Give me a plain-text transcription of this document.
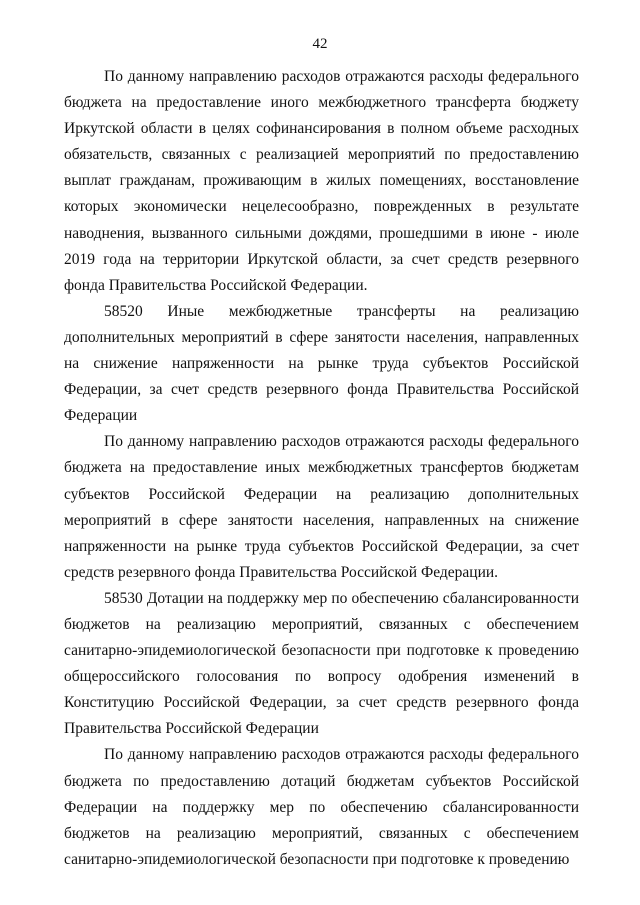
42

По данному направлению расходов отражаются расходы федерального бюджета на предоставление иного межбюджетного трансферта бюджету Иркутской области в целях софинансирования в полном объеме расходных обязательств, связанных с реализацией мероприятий по предоставлению выплат гражданам, проживающим в жилых помещениях, восстановление которых экономически нецелесообразно, поврежденных в результате наводнения, вызванного сильными дождями, прошедшими в июне - июле 2019 года на территории Иркутской области, за счет средств резервного фонда Правительства Российской Федерации.

58520 Иные межбюджетные трансферты на реализацию дополнительных мероприятий в сфере занятости населения, направленных на снижение напряженности на рынке труда субъектов Российской Федерации, за счет средств резервного фонда Правительства Российской Федерации

По данному направлению расходов отражаются расходы федерального бюджета на предоставление иных межбюджетных трансфертов бюджетам субъектов Российской Федерации на реализацию дополнительных мероприятий в сфере занятости населения, направленных на снижение напряженности на рынке труда субъектов Российской Федерации, за счет средств резервного фонда Правительства Российской Федерации.

58530 Дотации на поддержку мер по обеспечению сбалансированности бюджетов на реализацию мероприятий, связанных с обеспечением санитарно-эпидемиологической безопасности при подготовке к проведению общероссийского голосования по вопросу одобрения изменений в Конституцию Российской Федерации, за счет средств резервного фонда Правительства Российской Федерации

По данному направлению расходов отражаются расходы федерального бюджета по предоставлению дотаций бюджетам субъектов Российской Федерации на поддержку мер по обеспечению сбалансированности бюджетов на реализацию мероприятий, связанных с обеспечением санитарно-эпидемиологической безопасности при подготовке к проведению
